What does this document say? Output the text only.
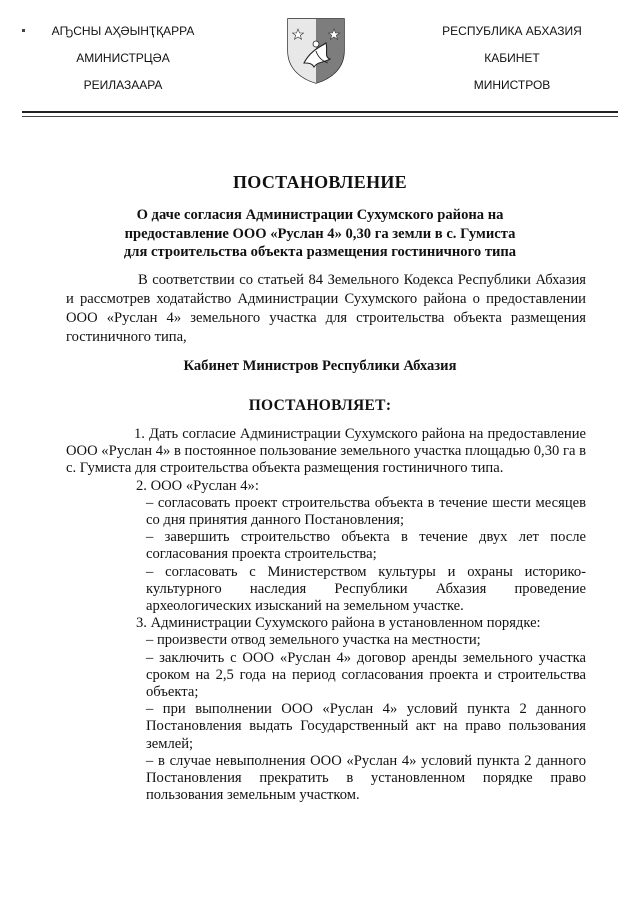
АҦСНЫ АҲӘЫНҬҚАРРА
АМИНИСТРЦӘА
РЕИЛАЗААРА
РЕСПУБЛИКА АБХАЗИЯ
КАБИНЕТ
МИНИСТРОВ
ПОСТАНОВЛЕНИЕ
О даче согласия Администрации Сухумского района на
предоставление ООО «Руслан 4» 0,30 га земли в с. Гумиста
для строительства объекта размещения гостиничного типа

В соответствии со статьей 84 Земельного Кодекса Республики Абхазия и рассмотрев ходатайство Администрации Сухумского района о предоставлении ООО «Руслан 4» земельного участка для строительства объекта размещения гостиничного типа,

Кабинет Министров Республики Абхазия
ПОСТАНОВЛЯЕТ:

1. Дать согласие Администрации Сухумского района на предоставление ООО «Руслан 4» в постоянное пользование земельного участка площадью 0,30 га в с. Гумиста для строительства объекта размещения гостиничного типа.

2. ООО «Руслан 4»:

– согласовать проект строительства объекта в течение шести месяцев со дня принятия данного Постановления;

– завершить строительство объекта в течение двух лет после согласования проекта строительства;

– согласовать с Министерством культуры и охраны историко-культурного наследия Республики Абхазия проведение археологических изысканий на земельном участке.

3. Администрации Сухумского района в установленном порядке:

– произвести отвод земельного участка на местности;

– заключить с ООО «Руслан 4» договор аренды земельного участка сроком на 2,5 года на период согласования проекта и строительства объекта;

– при выполнении ООО «Руслан 4» условий пункта 2 данного Постановления выдать Государственный акт на право пользования землей;

– в случае невыполнения ООО «Руслан 4» условий пункта 2 данного Постановления прекратить в установленном порядке право пользования земельным участком.
